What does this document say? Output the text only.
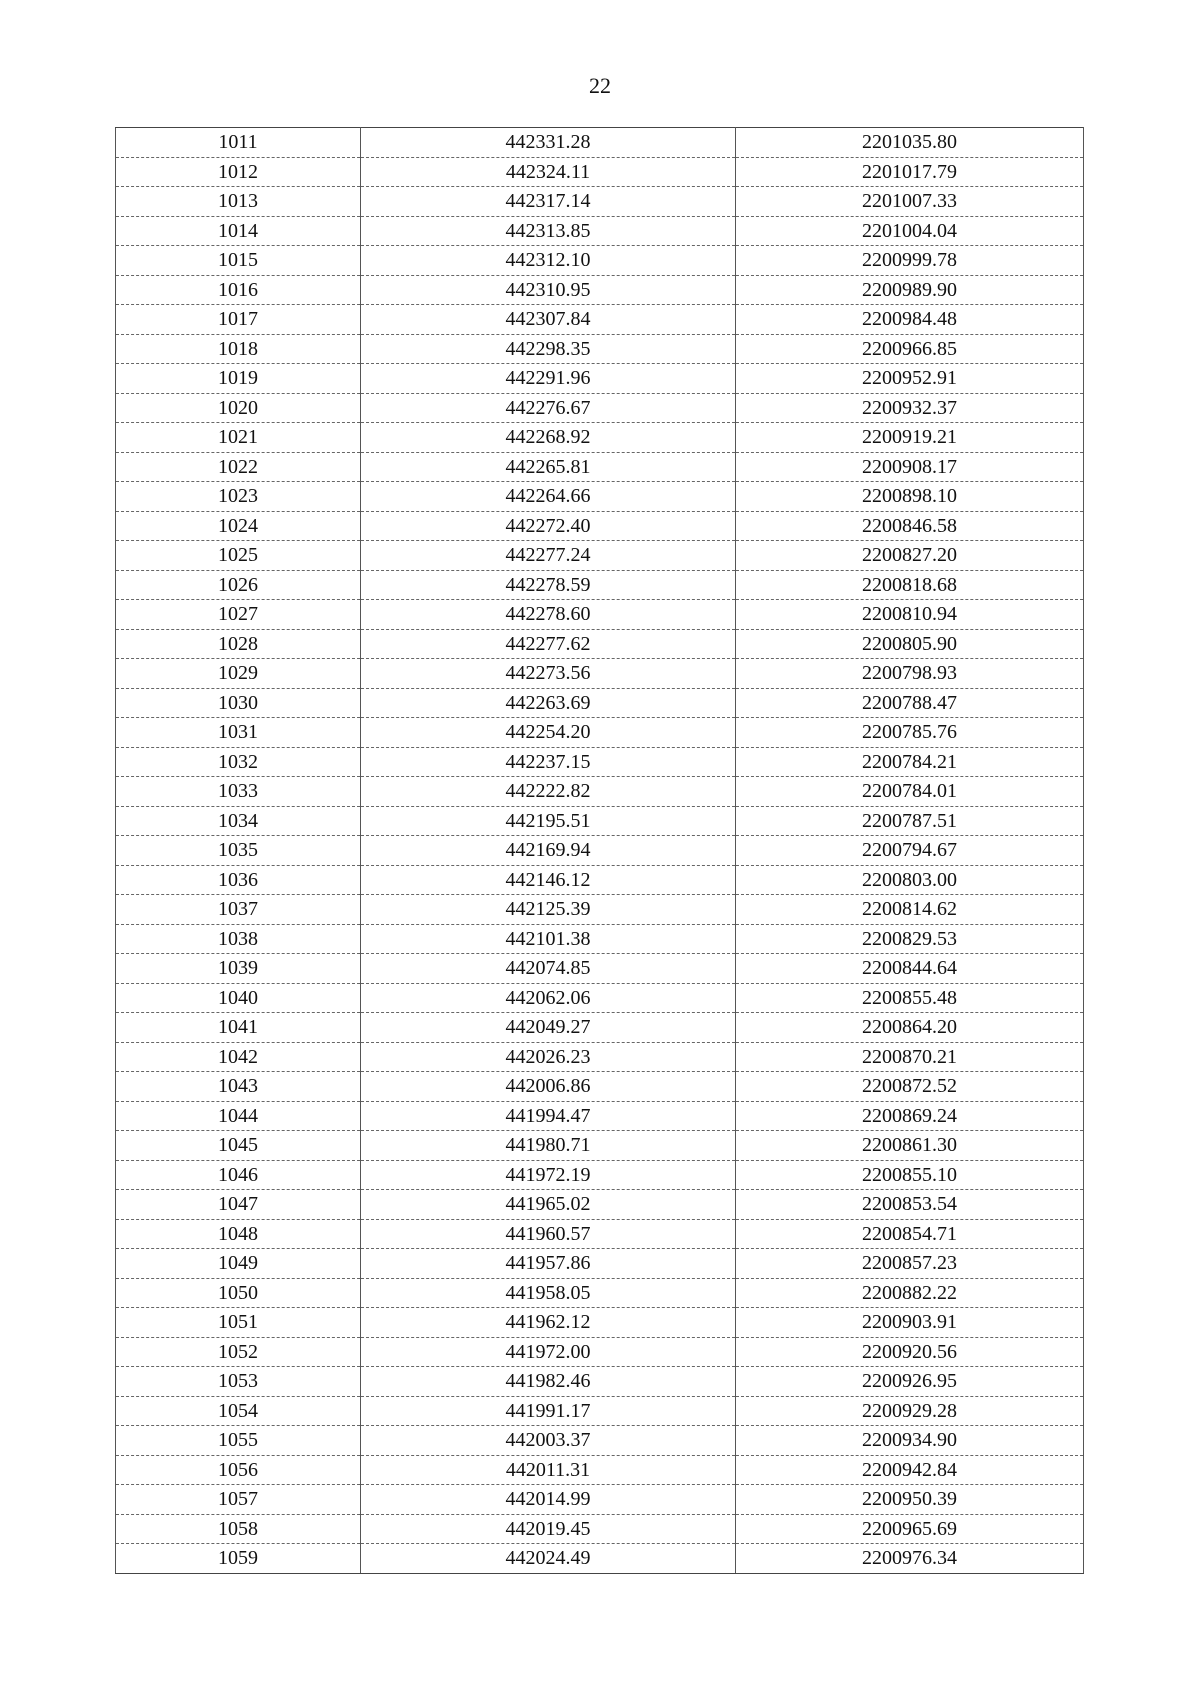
22
1011	442331.28	2201035.80
1012	442324.11	2201017.79
1013	442317.14	2201007.33
1014	442313.85	2201004.04
1015	442312.10	2200999.78
1016	442310.95	2200989.90
1017	442307.84	2200984.48
1018	442298.35	2200966.85
1019	442291.96	2200952.91
1020	442276.67	2200932.37
1021	442268.92	2200919.21
1022	442265.81	2200908.17
1023	442264.66	2200898.10
1024	442272.40	2200846.58
1025	442277.24	2200827.20
1026	442278.59	2200818.68
1027	442278.60	2200810.94
1028	442277.62	2200805.90
1029	442273.56	2200798.93
1030	442263.69	2200788.47
1031	442254.20	2200785.76
1032	442237.15	2200784.21
1033	442222.82	2200784.01
1034	442195.51	2200787.51
1035	442169.94	2200794.67
1036	442146.12	2200803.00
1037	442125.39	2200814.62
1038	442101.38	2200829.53
1039	442074.85	2200844.64
1040	442062.06	2200855.48
1041	442049.27	2200864.20
1042	442026.23	2200870.21
1043	442006.86	2200872.52
1044	441994.47	2200869.24
1045	441980.71	2200861.30
1046	441972.19	2200855.10
1047	441965.02	2200853.54
1048	441960.57	2200854.71
1049	441957.86	2200857.23
1050	441958.05	2200882.22
1051	441962.12	2200903.91
1052	441972.00	2200920.56
1053	441982.46	2200926.95
1054	441991.17	2200929.28
1055	442003.37	2200934.90
1056	442011.31	2200942.84
1057	442014.99	2200950.39
1058	442019.45	2200965.69
1059	442024.49	2200976.34
